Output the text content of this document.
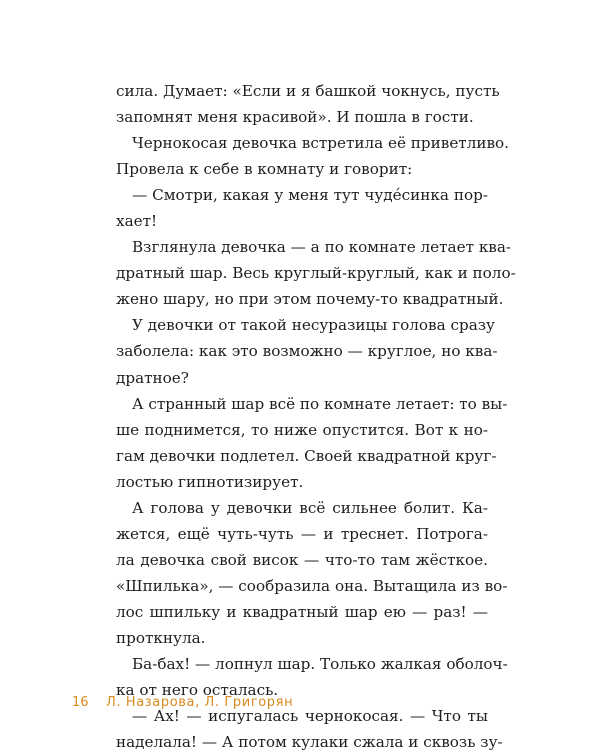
сила. Думает: «Если и я башкой чокнусь, пусть
запомнят меня красивой». И пошла в гости.
Чернокосая девочка встретила её приветливо.
Провела к себе в комнату и говорит:
— Смотри, какая у меня тут чуде́синка пор-
хает!
Взглянула девочка — а по комнате летает ква-
дратный шар. Весь круглый-круглый, как и поло-
жено шару, но при этом почему-то квадратный.
У девочки от такой несуразицы голова сразу
заболела: как это возможно — круглое, но ква-
дратное?
А странный шар всё по комнате летает: то вы-
ше поднимется, то ниже опустится. Вот к но-
гам девочки подлетел. Своей квадратной круг-
лостью гипнотизирует.
А голова у девочки всё сильнее болит. Ка-
жется, ещё чуть-чуть — и треснет. Потрога-
ла девочка свой висок — что-то там жёсткое.
«Шпилька», — сообразила она. Вытащила из во-
лос шпильку и квадратный шар ею — раз! —
проткнула.
Ба-бах! — лопнул шар. Только жалкая оболоч-
ка от него осталась.
— Ах! — испугалась чернокосая. — Что ты
наделала! — А потом кулаки сжала и сквозь зу-
16 Л. Назарова, Л. Григорян
